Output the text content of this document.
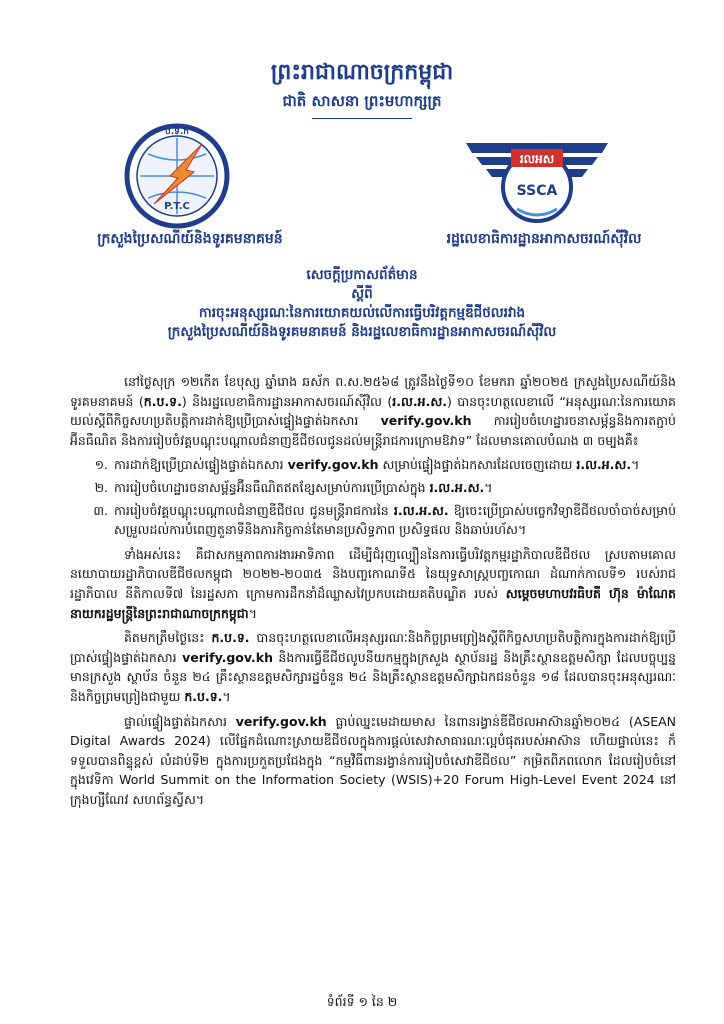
ព្រះរាជាណាចក្រកម្ពុជា
ជាតិ សាសនា ព្រះមហាក្សត្រ
ប.ទ.ក
P.T.C
រលអស
SSCA
ក្រសួងប្រៃសណីយ៍និងទូរគមនាគមន៍	រដ្ឋលេខាធិការដ្ឋានអាកាសចរណ៍ស៊ីវិល
សេចក្ដីប្រកាសព័ត៌មាន
ស្ដីពី
ការចុះអនុស្សរណៈនៃការយោគយល់លើការធ្វើបរិវត្តកម្មឌីជីថលរវាង
ក្រសួងប្រៃសណីយ៍និងទូរគមនាគមន៍ និងរដ្ឋលេខាធិការដ្ឋានអាកាសចរណ៍ស៊ីវិល

នៅថ្ងៃសុក្រ ១២កើត ខែបុស្ស ឆ្នាំរោង ឆស័ក ព.ស.២៥៦៨ ត្រូវនឹងថ្ងៃទី១០ ខែមករា ឆ្នាំ២០២៥ ក្រសួងប្រៃសណីយ៍និងទូរគមនាគមន៍ (ក.ប.ទ.) និងរដ្ឋលេខាធិការដ្ឋានអាកាសចរណ៍ស៊ីវិល (រ.ល.អ.ស.) បានចុះហត្ថលេខាលើ “អនុស្សរណៈនៃការយោគយល់ស្ដីពីកិច្ចសហប្រតិបត្តិការដាក់ឱ្យប្រើប្រាស់ផ្ទៀងផ្ទាត់ឯកសារ verify.gov.kh ការរៀបចំហេដ្ឋារចនាសម្ព័ន្ធនិងការតភ្ជាប់អ៊ីនធឺណិត និងការរៀបចំវគ្គបណ្ដុះបណ្ដាលជំនាញឌីជីថលជូនដល់មន្ត្រីរាជការក្រោមឱវាទ” ដែលមានគោលបំណង ៣ ចម្បងគឺ៖

១. ការដាក់ឱ្យប្រើប្រាស់ផ្ទៀងផ្ទាត់ឯកសារ verify.gov.kh សម្រាប់ផ្ទៀងផ្ទាត់ឯកសារដែលចេញដោយ រ.ល.អ.ស.។
២. ការរៀបចំហេដ្ឋារចនាសម្ព័ន្ធអ៊ីនធឺណិតឥតខ្សែសម្រាប់ការប្រើប្រាស់ក្នុង រ.ល.អ.ស.។
៣. ការរៀបចំវគ្គបណ្ដុះបណ្ដាលជំនាញឌីជីថល ជូនមន្ត្រីរាជការនៃ រ.ល.អ.ស. ឱ្យចេះប្រើប្រាស់បច្ចេកវិទ្យាឌីជីថលចាំបាច់សម្រាប់សម្រួលដល់ការបំពេញតួនាទីនិងភារកិច្ចកាន់តែមានប្រសិទ្ធភាព ប្រសិទ្ធផល និងឆាប់រហ័ស។

ទាំងអស់នេះ គឺជាសកម្មភាពការងារអាទិភាព ដើម្បីជំរុញល្បឿននៃការធ្វើបរិវត្តកម្មរដ្ឋាភិបាលឌីជីថល ស្របតាមគោលនយោបាយរដ្ឋាភិបាលឌីជីថលកម្ពុជា ២០២២-២០៣៥ និងបញ្ចកោណទី៥ នៃយុទ្ធសាស្ត្របញ្ចកោណ ដំណាក់កាលទី១ របស់រាជរដ្ឋាភិបាល នីតិកាលទី៧ នៃរដ្ឋសភា ក្រោមការដឹកនាំដ៏ឈ្លាសវៃប្រកបដោយគតិបណ្ឌិត របស់ សម្ដេចមហាបវរធិបតី ហ៊ុន ម៉ាណែត នាយករដ្ឋមន្ត្រីនៃព្រះរាជាណាចក្រកម្ពុជា។

គិតមកត្រឹមថ្ងៃនេះ ក.ប.ទ. បានចុះហត្ថលេខាលើអនុស្សរណៈនិងកិច្ចព្រមព្រៀងស្ដីពីកិច្ចសហប្រតិបត្តិការក្នុងការដាក់ឱ្យប្រើប្រាស់ផ្ទៀងផ្ទាត់ឯកសារ verify.gov.kh និងការធ្វើឌីជីថលូបនីយកម្មក្នុងក្រសួង ស្ថាប័នរដ្ឋ និងគ្រឹះស្ថានឧត្ដមសិក្សា ដែលបច្ចុប្បន្នមានក្រសួង ស្ថាប័ន ចំនួន ២៤ គ្រឹះស្ថានឧត្ដមសិក្សារដ្ឋចំនួន ២៤ និងគ្រឹះស្ថានឧត្ដមសិក្សាឯកជនចំនួន ១៨ ដែលបានចុះអនុស្សរណៈនិងកិច្ចព្រមព្រៀងជាមួយ ក.ប.ទ.។

ផ្ទាល់ផ្ទៀងផ្ទាត់ឯកសារ verify.gov.kh ធ្លាប់ឈ្នះមេដាយមាស នៃពានរង្វាន់ឌីជីថលអាស៊ានឆ្នាំ២០២៤ (ASEAN Digital Awards 2024) លើផ្នែកដំណោះស្រាយឌីជីថលក្នុងការផ្ដល់សេវាសាធារណៈល្អបំផុតរបស់អាស៊ាន ហើយផ្ទាល់នេះ ក៏ទទួលបានពិន្ទុខ្ពស់ លំដាប់ទី២ ក្នុងការប្រកួតប្រជែងក្នុង “កម្មវិធីពានរង្វាន់ការរៀបចំសេវាឌីជីថល” កម្រិតពិភពលោក ដែលរៀបចំនៅក្នុងវេទិកា World Summit on the Information Society (WSIS)+20 Forum High-Level Event 2024 នៅក្រុងហ្សឺណែវ សហព័ន្ធស្វីស។

ទំព័រទី ១ នៃ ២
